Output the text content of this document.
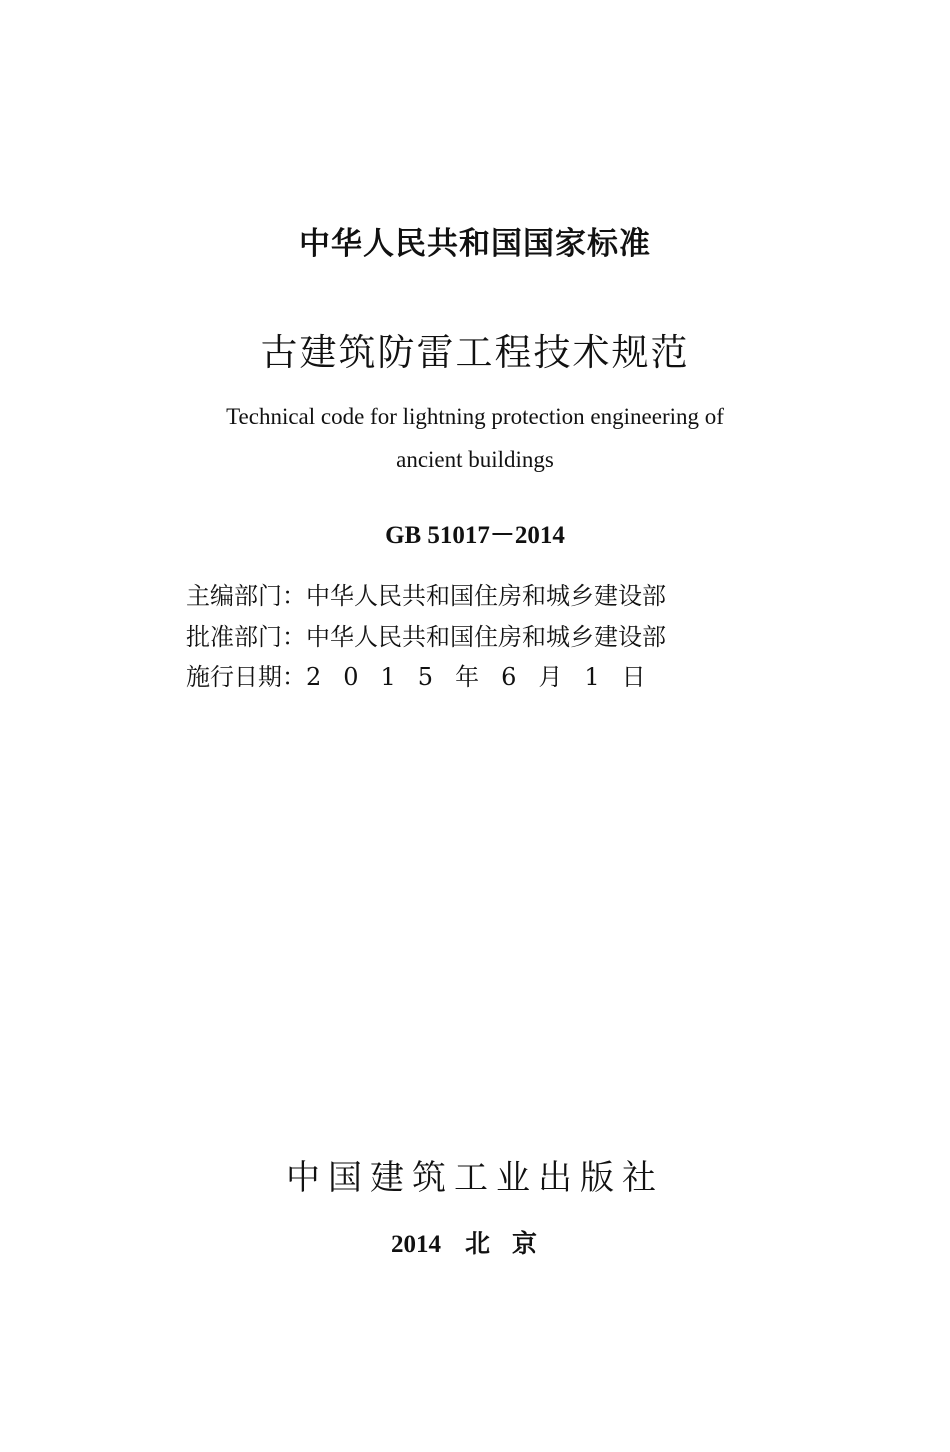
中华人民共和国国家标准
古建筑防雷工程技术规范
Technical code for lightning protection engineering of
ancient buildings
GB 51017－2014
主编部门：中华人民共和国住房和城乡建设部
批准部门：中华人民共和国住房和城乡建设部
施行日期：2015年6月1日
中国建筑工业出版社
2014 北京
